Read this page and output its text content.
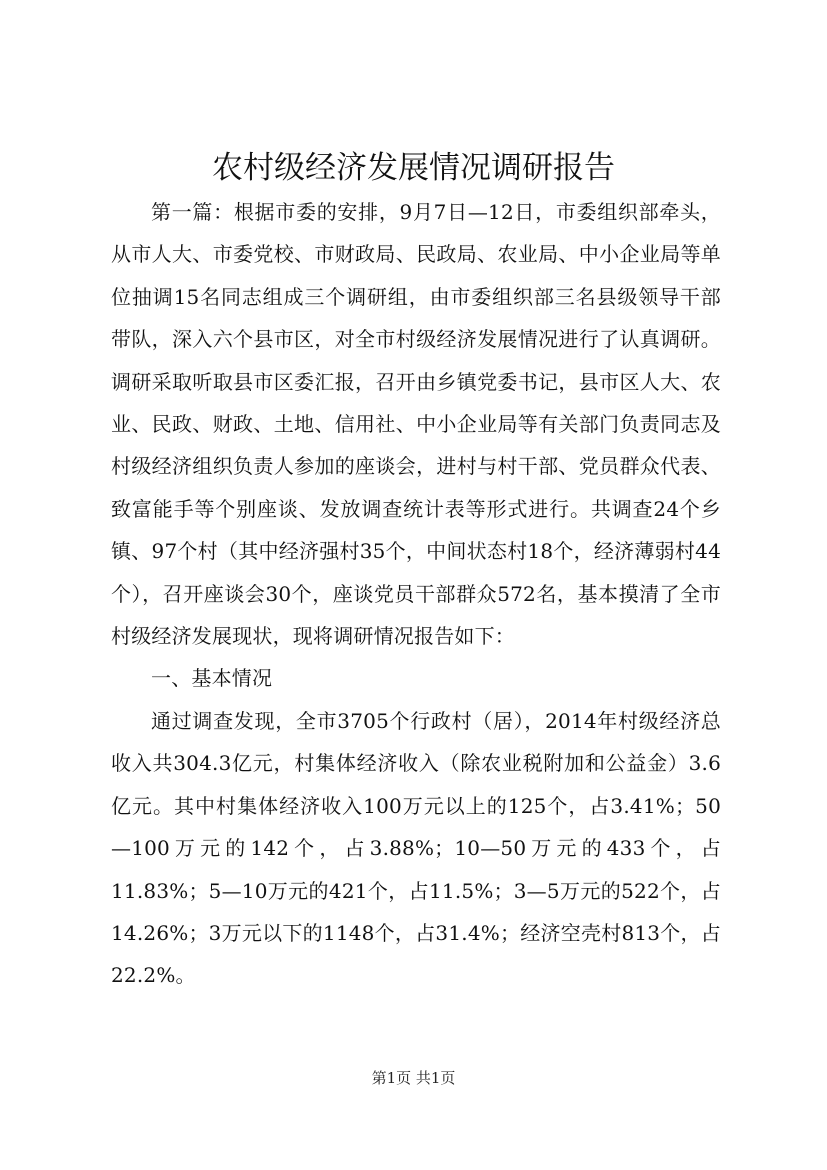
农村级经济发展情况调研报告

第一篇：根据市委的安排，9月7日—12日，市委组织部牵头，从市人大、市委党校、市财政局、民政局、农业局、中小企业局等单位抽调15名同志组成三个调研组，由市委组织部三名县级领导干部带队，深入六个县市区，对全市村级经济发展情况进行了认真调研。调研采取听取县市区委汇报，召开由乡镇党委书记，县市区人大、农业、民政、财政、土地、信用社、中小企业局等有关部门负责同志及村级经济组织负责人参加的座谈会，进村与村干部、党员群众代表、致富能手等个别座谈、发放调查统计表等形式进行。共调查24个乡镇、97个村（其中经济强村35个，中间状态村18个，经济薄弱村44个），召开座谈会30个，座谈党员干部群众572名，基本摸清了全市村级经济发展现状，现将调研情况报告如下：

一、基本情况

通过调查发现，全市3705个行政村（居），2014年村级经济总收入共304.3亿元，村集体经济收入（除农业税附加和公益金）3.6亿元。其中村集体经济收入100万元以上的125个，占3.41%；50—100万元的142个，占3.88%；10—50万元的433个，占11.83%；5—10万元的421个，占11.5%；3—5万元的522个，占14.26%；3万元以下的1148个，占31.4%；经济空壳村813个，占22.2%。

第1页 共1页
